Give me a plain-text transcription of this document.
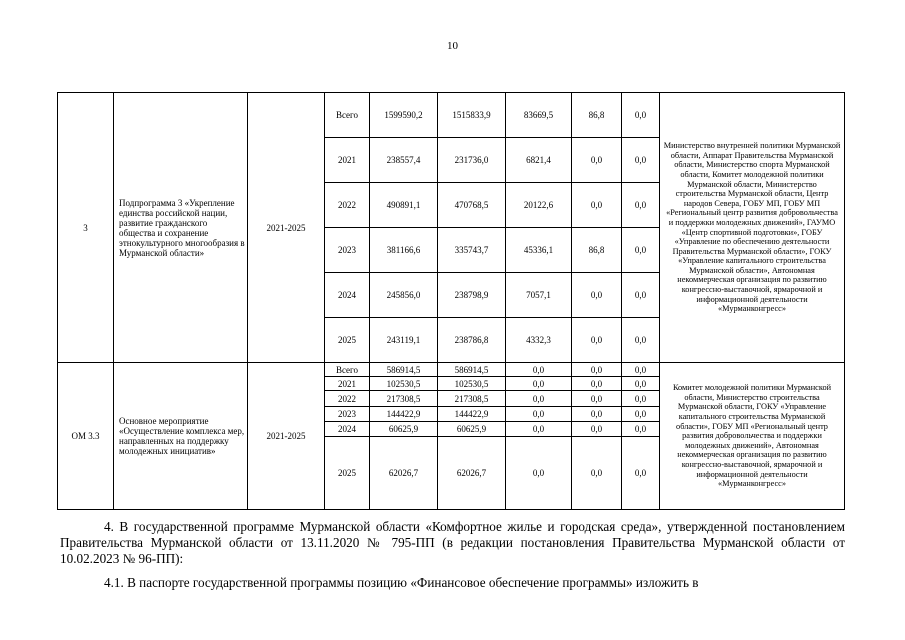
10
3	Подпрограмма 3 «Укрепление единства российской нации, развитие гражданского общества и сохранение этнокультурного многообразия в Мурманской области»	2021-2025	Всего	1599590,2	1515833,9	83669,5	86,8	0,0	Министерство внутренней политики Мурманской области, Аппарат Правительства Мурманской области, Министерство спорта Мурманской области, Комитет молодежной политики Мурманской области, Министерство строительства Мурманской области, Центр народов Севера, ГОБУ МП, ГОБУ МП «Региональный центр развития добровольчества и поддержки молодежных движений», ГАУМО «Центр спортивной подготовки», ГОБУ «Управление по обеспечению деятельности Правительства Мурманской области», ГОКУ «Управление капитального строительства Мурманской области», Автономная некоммерческая организация по развитию конгрессно-выставочной, ярмарочной и информационной деятельности «Мурманконгресс»
			2021	238557,4	231736,0	6821,4	0,0	0,0	
			2022	490891,1	470768,5	20122,6	0,0	0,0	
			2023	381166,6	335743,7	45336,1	86,8	0,0	
			2024	245856,0	238798,9	7057,1	0,0	0,0	
			2025	243119,1	238786,8	4332,3	0,0	0,0	
ОМ 3.3	Основное мероприятие «Осуществление комплекса мер, направленных на поддержку молодежных инициатив»	2021-2025	Всего	586914,5	586914,5	0,0	0,0	0,0	Комитет молодежной политики Мурманской области, Министерство строительства Мурманской области, ГОКУ «Управление капитального строительства Мурманской области», ГОБУ МП «Региональный центр развития добровольчества и поддержки молодежных движений», Автономная некоммерческая организация по развитию конгрессно-выставочной, ярмарочной и информационной деятельности «Мурманконгресс»
			2021	102530,5	102530,5	0,0	0,0	0,0	
			2022	217308,5	217308,5	0,0	0,0	0,0	
			2023	144422,9	144422,9	0,0	0,0	0,0	
			2024	60625,9	60625,9	0,0	0,0	0,0	
			2025	62026,7	62026,7	0,0	0,0	0,0	
4. В государственной программе Мурманской области «Комфортное жилье и городская среда», утвержденной постановлением Правительства Мурманской области от 13.11.2020 № 795-ПП (в редакции постановления Правительства Мурманской области от 10.02.2023 № 96-ПП):
4.1. В паспорте государственной программы позицию «Финансовое обеспечение программы» изложить в
